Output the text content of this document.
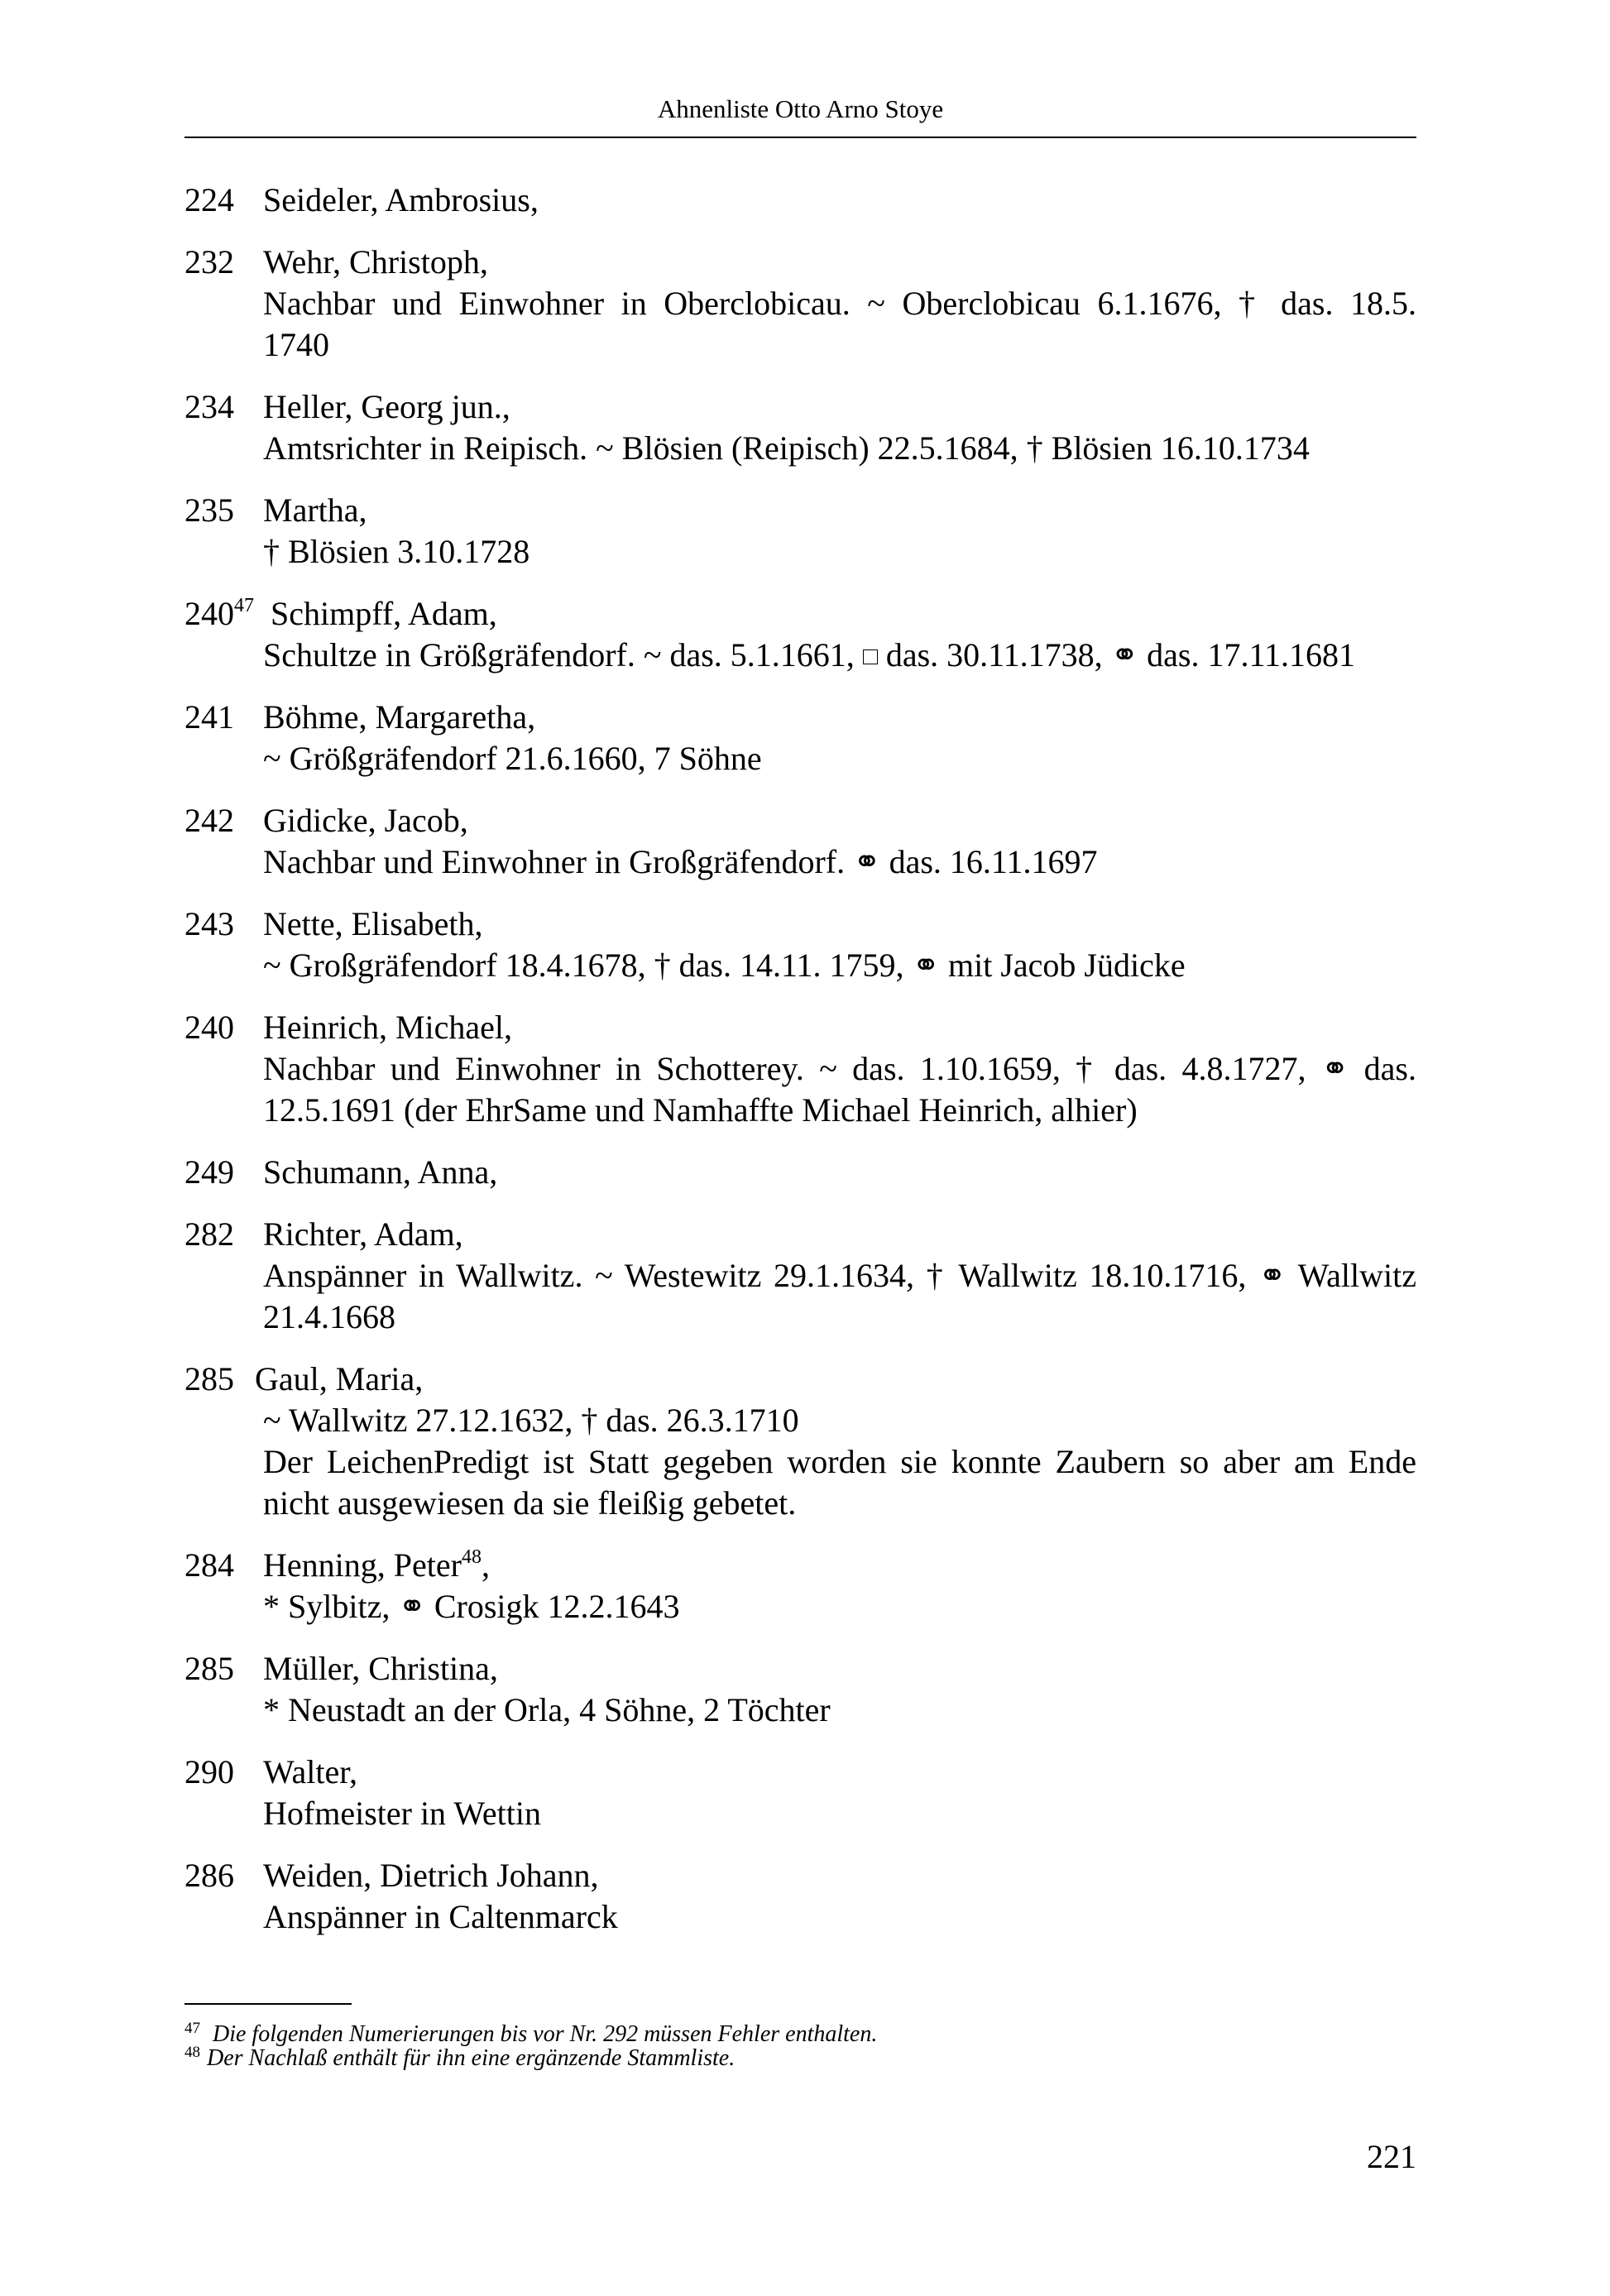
Ahnenliste Otto Arno Stoye
224 Seideler, Ambrosius,
232 Wehr, Christoph,
Nachbar und Einwohner in Oberclobicau. ~ Oberclobicau 6.1.1676, † das. 18.5.
1740
234 Heller, Georg jun.,
Amtsrichter in Reipisch. ~ Blösien (Reipisch) 22.5.1684, † Blösien 16.10.1734
235 Martha,
† Blösien 3.10.1728
$240^{47}$ Schimpff, Adam,
Schultze in Größgräfendorf. ~ das. 5.1.1661, das. 30.11.1738, ⚭ das. 17.11.1681
241 Böhme, Margaretha,
~ Größgräfendorf 21.6.1660, 7 Söhne
242 Gidicke, Jacob,
Nachbar und Einwohner in Großgräfendorf. ⚭ das. 16.11.1697
243 Nette, Elisabeth,
~ Großgräfendorf 18.4.1678, † das. 14.11. 1759, ⚭ mit Jacob Jüdicke
240 Heinrich, Michael,
Nachbar und Einwohner in Schotterey. ~ das. 1.10.1659, † das. 4.8.1727, ⚭ das.
12.5.1691 (der EhrSame und Namhaffte Michael Heinrich, alhier)
249 Schumann, Anna,
282 Richter, Adam,
Anspänner in Wallwitz. ~ Westewitz 29.1.1634, † Wallwitz 18.10.1716, ⚭ Wallwitz
21.4.1668
285 Gaul, Maria,
~ Wallwitz 27.12.1632, † das. 26.3.1710
Der LeichenPredigt ist Statt gegeben worden sie konnte Zaubern so aber am Ende
nicht ausgewiesen da sie fleißig gebetet.
284 Henning, Peter$^{48}$,
* Sylbitz, ⚭ Crosigk 12.2.1643
285 Müller, Christina,
* Neustadt an der Orla, 4 Söhne, 2 Töchter
290 Walter,
Hofmeister in Wettin
286 Weiden, Dietrich Johann,
Anspänner in Caltenmarck
$^{47}$ Die folgenden Numerierungen bis vor Nr. 292 müssen Fehler enthalten.
$^{48}$ Der Nachlaß enthält für ihn eine ergänzende Stammliste.
221
